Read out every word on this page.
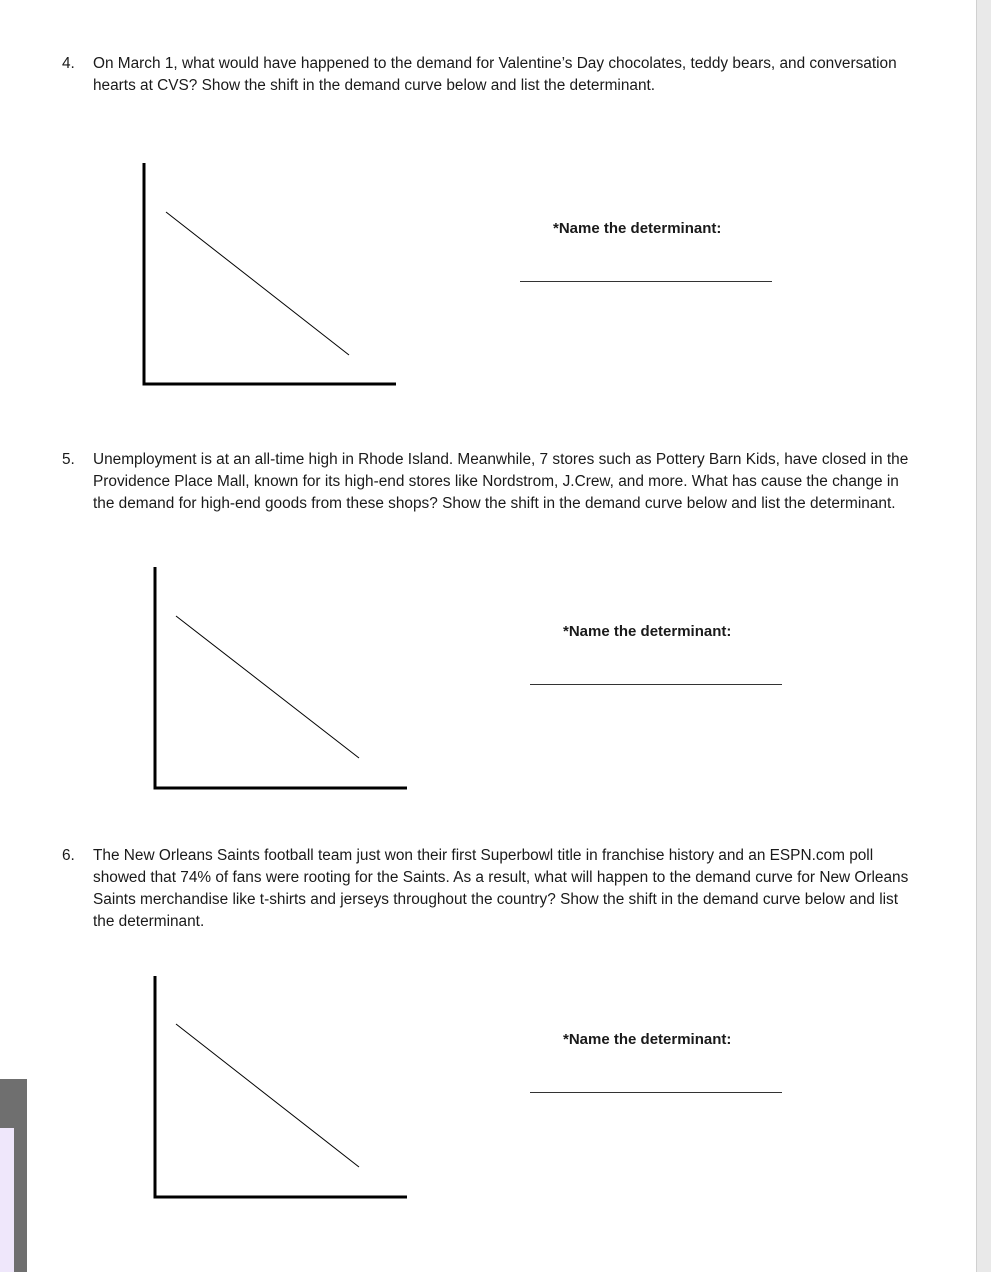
4.	On March 1, what would have happened to the demand for Valentine’s Day chocolates, teddy bears, and conversation hearts at CVS? Show the shift in the demand curve below and list the determinant.
*Name the determinant:
5.	Unemployment is at an all-time high in Rhode Island. Meanwhile, 7 stores such as Pottery Barn Kids, have closed in the Providence Place Mall, known for its high-end stores like Nordstrom, J.Crew, and more. What has cause the change in the demand for high-end goods from these shops? Show the shift in the demand curve below and list the determinant.
*Name the determinant:
6.	The New Orleans Saints football team just won their first Superbowl title in franchise history and an ESPN.com poll showed that 74% of fans were rooting for the Saints. As a result, what will happen to the demand curve for New Orleans Saints merchandise like t-shirts and jerseys throughout the country? Show the shift in the demand curve below and list the determinant.
*Name the determinant:
